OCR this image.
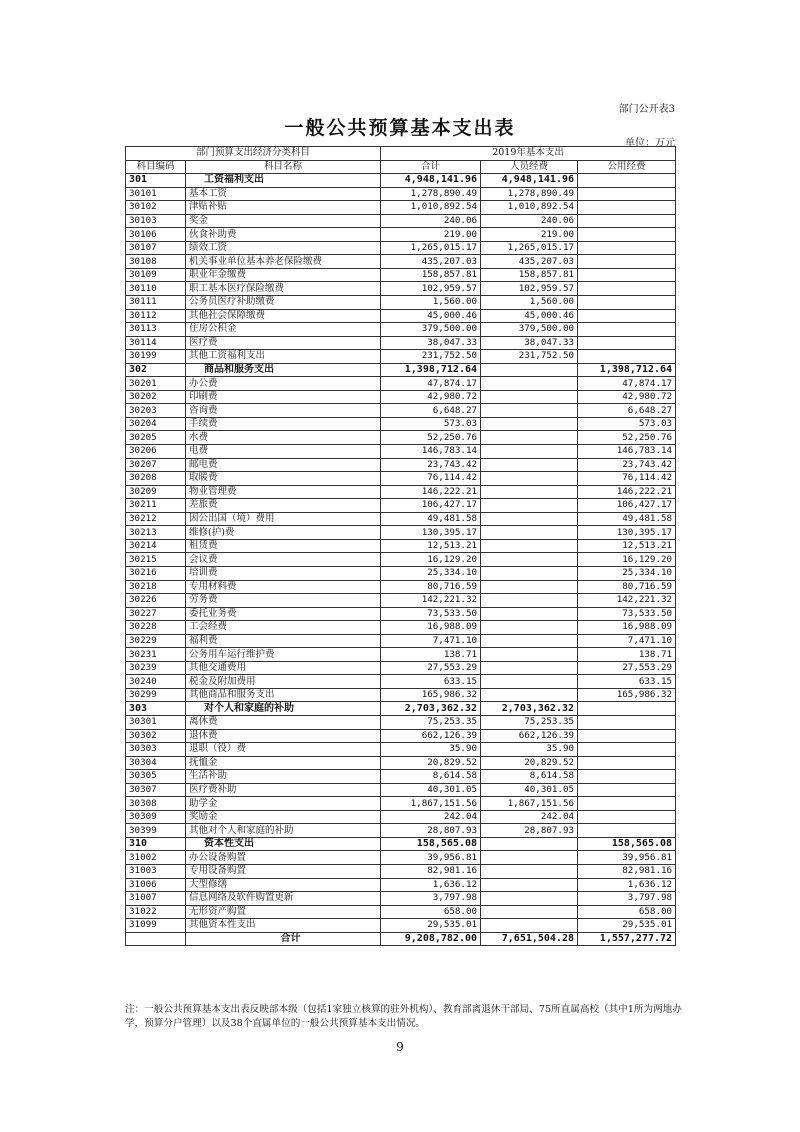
部门公开表3
一般公共预算基本支出表
单位：万元
部门预算支出经济分类科目		2019年基本支出		
科目编码	科目名称	合计	人员经费	公用经费
301	工资福利支出	4,948,141.96	4,948,141.96	
30101	基本工资	1,278,890.49	1,278,890.49	
30102	津贴补贴	1,010,892.54	1,010,892.54	
30103	奖金	240.06	240.06	
30106	伙食补助费	219.00	219.00	
30107	绩效工资	1,265,015.17	1,265,015.17	
30108	机关事业单位基本养老保险缴费	435,207.03	435,207.03	
30109	职业年金缴费	158,857.81	158,857.81	
30110	职工基本医疗保险缴费	102,959.57	102,959.57	
30111	公务员医疗补助缴费	1,560.00	1,560.00	
30112	其他社会保障缴费	45,000.46	45,000.46	
30113	住房公积金	379,500.00	379,500.00	
30114	医疗费	38,047.33	38,047.33	
30199	其他工资福利支出	231,752.50	231,752.50	
302	商品和服务支出	1,398,712.64		1,398,712.64
30201	办公费	47,874.17		47,874.17
30202	印刷费	42,980.72		42,980.72
30203	咨询费	6,648.27		6,648.27
30204	手续费	573.03		573.03
30205	水费	52,250.76		52,250.76
30206	电费	146,783.14		146,783.14
30207	邮电费	23,743.42		23,743.42
30208	取暖费	76,114.42		76,114.42
30209	物业管理费	146,222.21		146,222.21
30211	差旅费	106,427.17		106,427.17
30212	因公出国（境）费用	49,481.58		49,481.58
30213	维修(护)费	130,395.17		130,395.17
30214	租赁费	12,513.21		12,513.21
30215	会议费	16,129.20		16,129.20
30216	培训费	25,334.10		25,334.10
30218	专用材料费	80,716.59		80,716.59
30226	劳务费	142,221.32		142,221.32
30227	委托业务费	73,533.50		73,533.50
30228	工会经费	16,988.09		16,988.09
30229	福利费	7,471.10		7,471.10
30231	公务用车运行维护费	138.71		138.71
30239	其他交通费用	27,553.29		27,553.29
30240	税金及附加费用	633.15		633.15
30299	其他商品和服务支出	165,986.32		165,986.32
303	对个人和家庭的补助	2,703,362.32	2,703,362.32	
30301	离休费	75,253.35	75,253.35	
30302	退休费	662,126.39	662,126.39	
30303	退职（役）费	35.90	35.90	
30304	抚恤金	20,829.52	20,829.52	
30305	生活补助	8,614.58	8,614.58	
30307	医疗费补助	40,301.05	40,301.05	
30308	助学金	1,867,151.56	1,867,151.56	
30309	奖励金	242.04	242.04	
30399	其他对个人和家庭的补助	28,807.93	28,807.93	
310	资本性支出	158,565.08		158,565.08
31002	办公设备购置	39,956.81		39,956.81
31003	专用设备购置	82,981.16		82,981.16
31006	大型修缮	1,636.12		1,636.12
31007	信息网络及软件购置更新	3,797.98		3,797.98
31022	无形资产购置	658.00		658.00
31099	其他资本性支出	29,535.01		29,535.01
	合计	9,208,782.00	7,651,504.28	1,557,277.72
注：一般公共预算基本支出表反映部本级（包括1家独立核算的驻外机构）、教育部离退休干部局、75所直属高校（其中1所为两地办学，预算分户管理）以及38个直属单位的一般公共预算基本支出情况。
9
